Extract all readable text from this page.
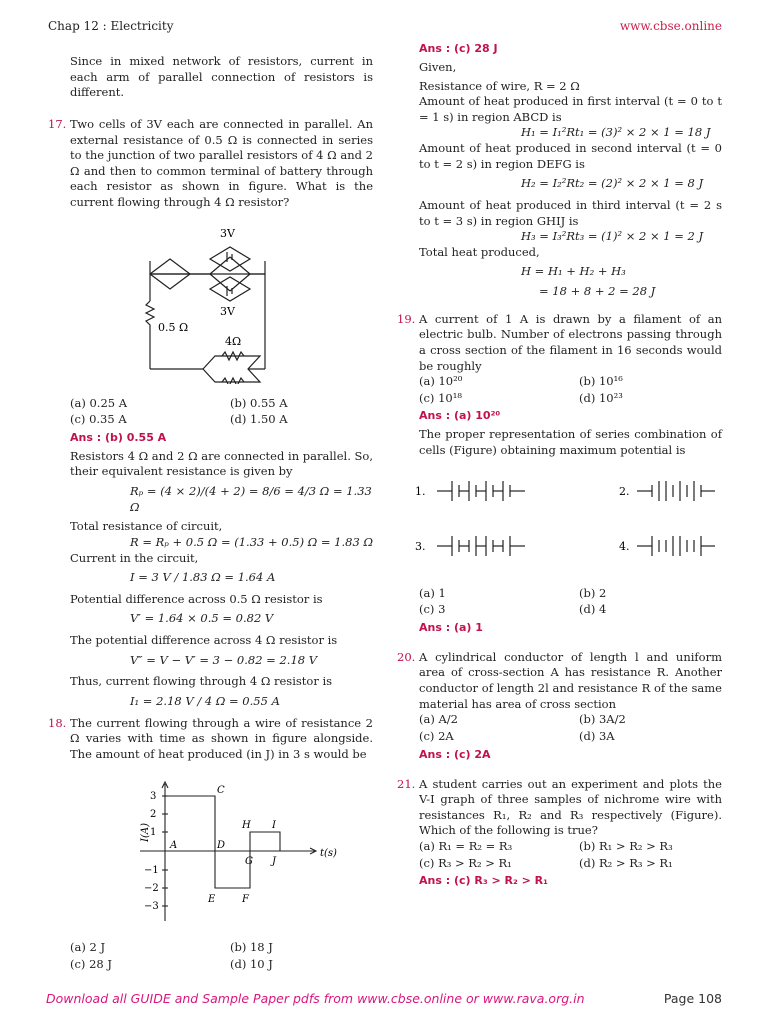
Chap 12 : Electricity	www.cbse.online

Since in mixed network of resistors, current in each arm of parallel connection of resistors is different.

17. Two cells of 3V each are connected in parallel. An external resistance of 0.5 Ω is connected in series to the junction of two parallel resistors of 4 Ω and 2 Ω and then to common terminal of battery through each resistor as shown in figure. What is the current flowing through 4 Ω resistor?

3V
3V
0.5 Ω
4Ω
(a) 0.25 A	(b) 0.55 A
(c) 0.35 A	(d) 1.50 A

Ans : (b) 0.55 A

Resistors 4 Ω and 2 Ω are connected in parallel. So, their equivalent resistance is given by

Rₚ = (4 × 2)/(4 + 2) = 8/6 = 4/3 Ω = 1.33 Ω

Total resistance of circuit,

R = Rₚ + 0.5 Ω = (1.33 + 0.5) Ω = 1.83 Ω

Current in the circuit,

I = 3 V / 1.83 Ω = 1.64 A

Potential difference across 0.5 Ω resistor is

V′ = 1.64 × 0.5 = 0.82 V

The potential difference across 4 Ω resistor is

V″ = V − V′ = 3 − 0.82 = 2.18 V

Thus, current flowing through 4 Ω resistor is

I₁ = 2.18 V / 4 Ω = 0.55 A

18. The current flowing through a wire of resistance 2 Ω varies with time as shown in figure alongside. The amount of heat produced (in J) in 3 s would be

3
2
1
−1
−2
−3
A
C
D
E	F
G
H I
J
t(s)
I(A)
(a) 2 J	(b) 18 J
(c) 28 J	(d) 10 J

Ans : (c) 28 J

Given,

Resistance of wire, R = 2 Ω

Amount of heat produced in first interval (t = 0 to t = 1 s) in region ABCD is

H₁ = I₁²Rt₁ = (3)² × 2 × 1 = 18 J

Amount of heat produced in second interval (t = 0 to t = 2 s) in region DEFG is

H₂ = I₂²Rt₂ = (2)² × 2 × 1 = 8 J

Amount of heat produced in third interval (t = 2 s to t = 3 s) in region GHIJ is

H₃ = I₃²Rt₃ = (1)² × 2 × 1 = 2 J

Total heat produced,

H = H₁ + H₂ + H₃

= 18 + 8 + 2 = 28 J

19. A current of 1 A is drawn by a filament of an electric bulb. Number of electrons passing through a cross section of the filament in 16 seconds would be roughly

(a) 10²⁰	(b) 10¹⁶
(c) 10¹⁸	(d) 10²³

Ans : (a) 10²⁰

The proper representation of series combination of cells (Figure) obtaining maximum potential is

1.	2.
3.	4.
(a) 1	(b) 2
(c) 3	(d) 4

Ans : (a) 1

20. A cylindrical conductor of length l and uniform area of cross-section A has resistance R. Another conductor of length 2l and resistance R of the same material has area of cross section

(a) A/2	(b) 3A/2
(c) 2A	(d) 3A

Ans : (c) 2A

21. A student carries out an experiment and plots the V-I graph of three samples of nichrome wire with resistances R₁, R₂ and R₃ respectively (Figure). Which of the following is true?

(a) R₁ = R₂ = R₃	(b) R₁ > R₂ > R₃
(c) R₃ > R₂ > R₁	(d) R₂ > R₃ > R₁

Ans : (c) R₃ > R₂ > R₁

Download all GUIDE and Sample Paper pdfs from www.cbse.online or www.rava.org.in	Page 108
